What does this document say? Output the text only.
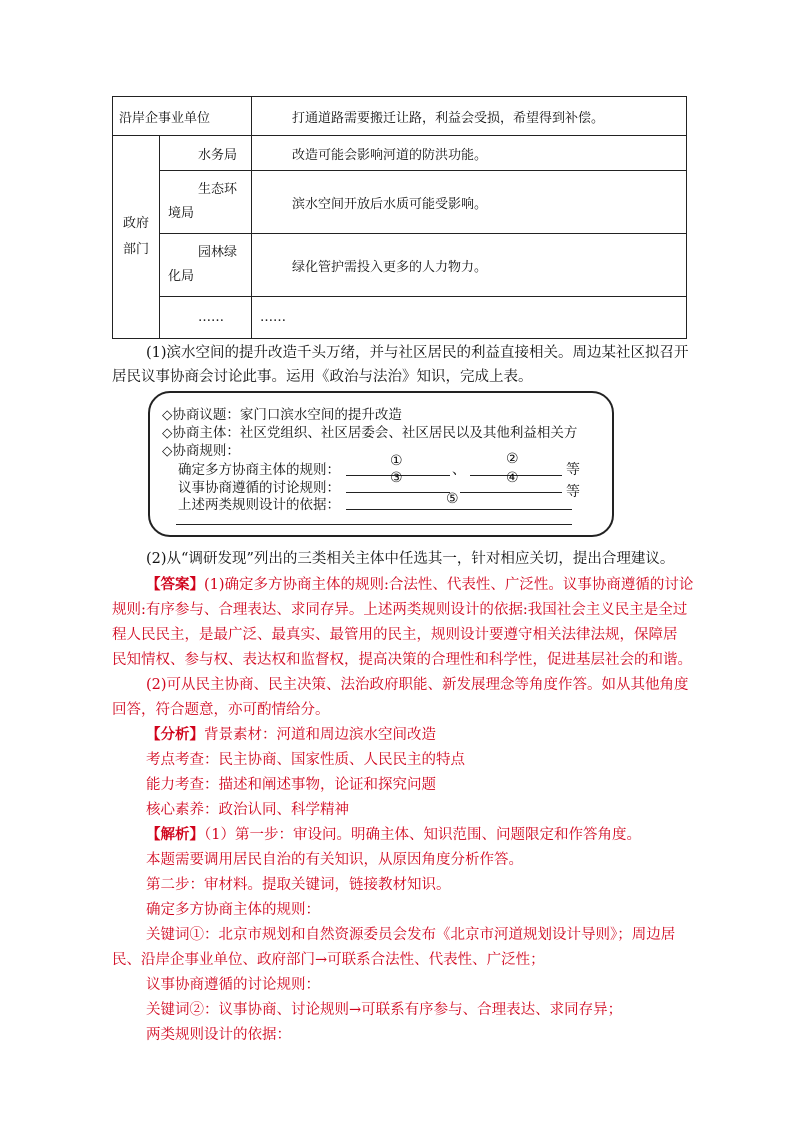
沿岸企事业单位		打通道路需要搬迁让路，利益会受损，希望得到补偿。

政府
部门	水务局	改造可能会影响河道的防洪功能。

	生态环
境局	滨水空间开放后水质可能受影响。

	园林绿
化局	绿化管护需投入更多的人力物力。
	……	……
(1)滨水空间的提升改造千头万绪，并与社区居民的利益直接相关。周边某社区拟召开
居民议事协商会讨论此事。运用《政治与法治》知识，完成上表。
◇协商议题：家门口滨水空间的提升改造
◇协商主体：社区党组织、社区居委会、社区居民以及其他利益相关方
◇协商规则：
确定多方协商主体的规则：
①
、
②
等
议事协商遵循的讨论规则：
③	④
等
上述两类规则设计的依据：	⑤
(2)从“调研发现”列出的三类相关主体中任选其一，针对相应关切，提出合理建议。
【答案】(1)确定多方协商主体的规则:合法性、代表性、广泛性。议事协商遵循的讨论
规则:有序参与、合理表达、求同存异。上述两类规则设计的依据:我国社会主义民主是全过
程人民民主，是最广泛、最真实、最管用的民主，规则设计要遵守相关法律法规，保障居
民知情权、参与权、表达权和监督权，提高决策的合理性和科学性，促进基层社会的和谐。
(2)可从民主协商、民主决策、法治政府职能、新发展理念等角度作答。如从其他角度
回答，符合题意，亦可酌情给分。
【分析】背景素材：河道和周边滨水空间改造
考点考查：民主协商、国家性质、人民民主的特点
能力考查：描述和阐述事物，论证和探究问题
核心素养：政治认同、科学精神
【解析】（1）第一步：审设问。明确主体、知识范围、问题限定和作答角度。
本题需要调用居民自治的有关知识，从原因角度分析作答。
第二步：审材料。提取关键词，链接教材知识。
确定多方协商主体的规则：
关键词①：北京市规划和自然资源委员会发布《北京市河道规划设计导则》；周边居
民、沿岸企事业单位、政府部门→可联系合法性、代表性、广泛性；
议事协商遵循的讨论规则：
关键词②：议事协商、讨论规则→可联系有序参与、合理表达、求同存异；
两类规则设计的依据：
